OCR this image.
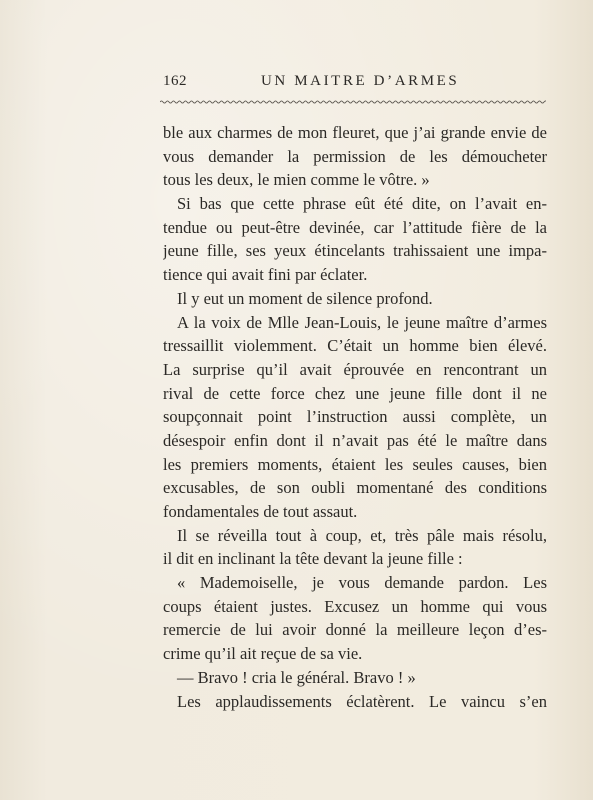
162	UN MAITRE D’ARMES
ble aux charmes de mon fleuret, que j’ai grande envie de
vous demander la permission de les démoucheter
tous les deux, le mien comme le vôtre. »
Si bas que cette phrase eût été dite, on l’avait en-
tendue ou peut-être devinée, car l’attitude fière de la
jeune fille, ses yeux étincelants trahissaient une impa-
tience qui avait fini par éclater.
Il y eut un moment de silence profond.
A la voix de Mlle Jean-Louis, le jeune maître d’armes
tressaillit violemment. C’était un homme bien élevé.
La surprise qu’il avait éprouvée en rencontrant un
rival de cette force chez une jeune fille dont il ne
soupçonnait point l’instruction aussi complète, un
désespoir enfin dont il n’avait pas été le maître dans
les premiers moments, étaient les seules causes, bien
excusables, de son oubli momentané des conditions
fondamentales de tout assaut.
Il se réveilla tout à coup, et, très pâle mais résolu,
il dit en inclinant la tête devant la jeune fille :
« Mademoiselle, je vous demande pardon. Les
coups étaient justes. Excusez un homme qui vous
remercie de lui avoir donné la meilleure leçon d’es-
crime qu’il ait reçue de sa vie.
— Bravo ! cria le général. Bravo ! »
Les applaudissements éclatèrent. Le vaincu s’en
